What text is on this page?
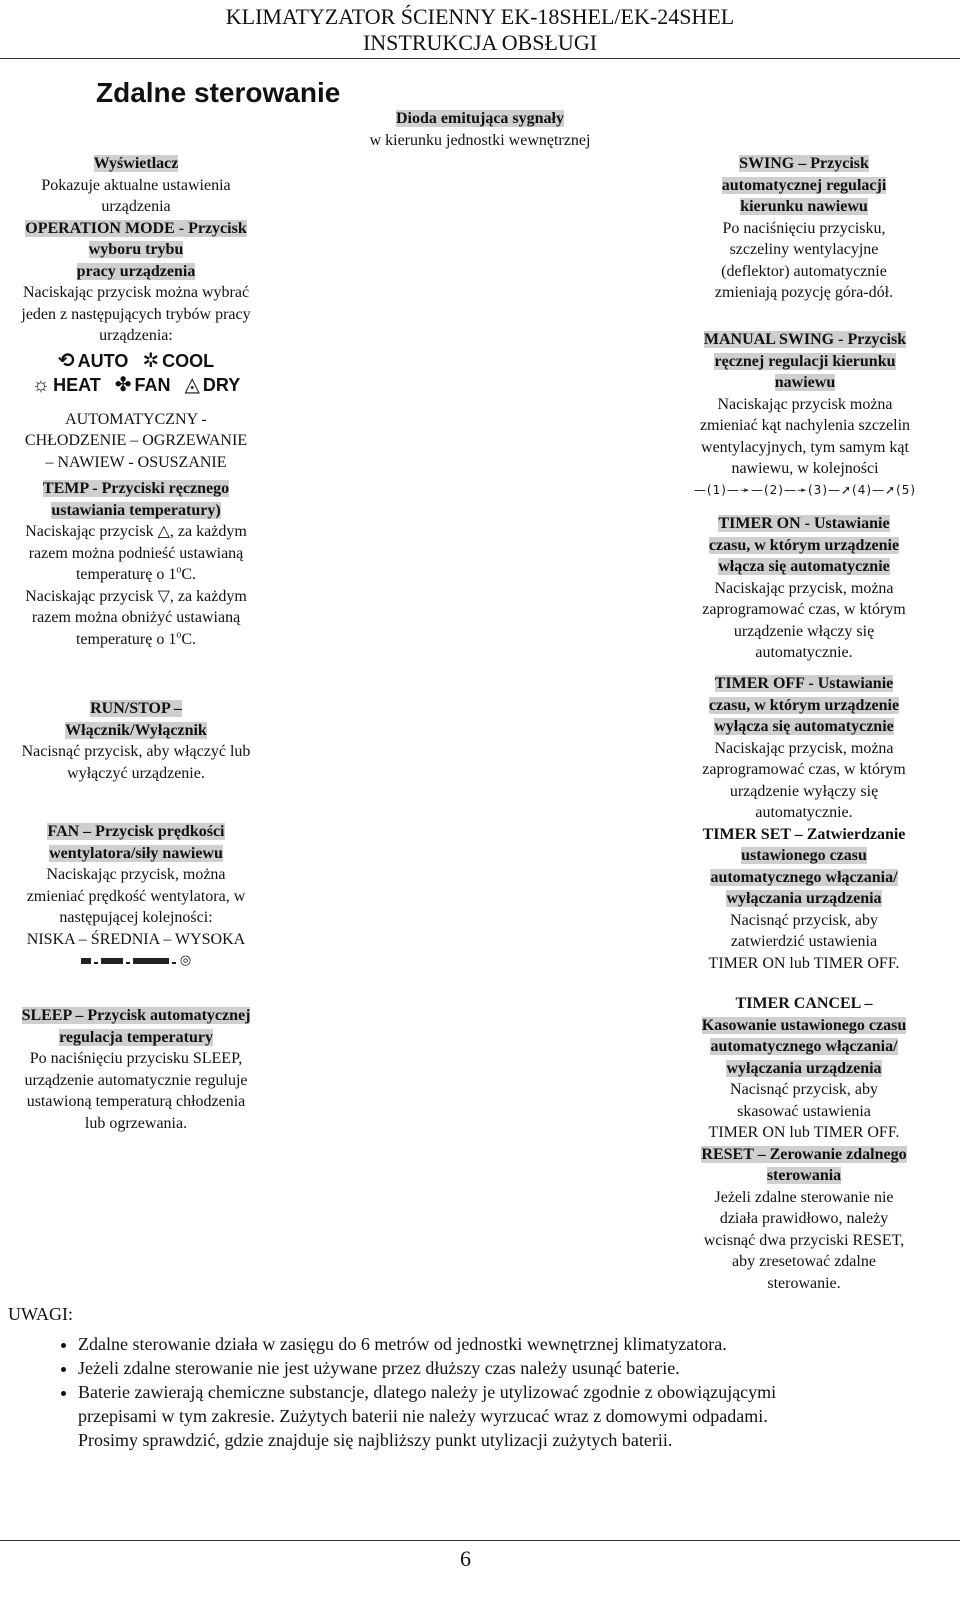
KLIMATYZATOR ŚCIENNY EK-18SHEL/EK-24SHEL
INSTRUKCJA OBSŁUGI
Zdalne sterowanie
Dioda emitująca sygnały
w kierunku jednostki wewnętrznej
Wyświetlacz
Pokazuje aktualne ustawienia
urządzenia
OPERATION MODE - Przycisk
wyboru trybu
pracy urządzenia
Naciskając przycisk można wybrać
jeden z następujących trybów pracy
urządzenia:
⟲ AUTO ✲ COOL
☼ HEAT ✤ FAN ◬ DRY
AUTOMATYCZNY -
CHŁODZENIE – OGRZEWANIE
– NAWIEW - OSUSZANIE
TEMP - Przyciski ręcznego
ustawiania temperatury)
Naciskając przycisk △, za każdym
razem można podnieść ustawianą
temperaturę o 1$^o$C.
Naciskając przycisk ▽, za każdym
razem można obniżyć ustawianą
temperaturę o 1$^o$C.
RUN/STOP –
Włącznik/Wyłącznik
Nacisnąć przycisk, aby włączyć lub
wyłączyć urządzenie.
FAN – Przycisk prędkości
wentylatora/siły nawiewu
Naciskając przycisk, można
zmieniać prędkość wentylatora, w
następującej kolejności:
NISKA – ŚREDNIA – WYSOKA
◎
SLEEP – Przycisk automatycznej
regulacja temperatury
Po naciśnięciu przycisku SLEEP,
urządzenie automatycznie reguluje
ustawioną temperaturą chłodzenia
lub ogrzewania.
SWING – Przycisk
automatycznej regulacji
kierunku nawiewu
Po naciśnięciu przycisku,
szczeliny wentylacyjne
(deflektor) automatycznie
zmieniają pozycję góra-dół.
MANUAL SWING - Przycisk
ręcznej regulacji kierunku
nawiewu
Naciskając przycisk można
zmieniać kąt nachylenia szczelin
wentylacyjnych, tym samym kąt
nawiewu, w kolejności
—(1)—➛—(2)—➛(3)—➚(4)—➚(5)
TIMER ON - Ustawianie
czasu, w którym urządzenie
włącza się automatycznie
Naciskając przycisk, można
zaprogramować czas, w którym
urządzenie włączy się
automatycznie.
TIMER OFF - Ustawianie
czasu, w którym urządzenie
wyłącza się automatycznie
Naciskając przycisk, można
zaprogramować czas, w którym
urządzenie wyłączy się
automatycznie.
TIMER SET – Zatwierdzanie
ustawionego czasu
automatycznego włączania/
wyłączania urządzenia
Nacisnąć przycisk, aby
zatwierdzić ustawienia
TIMER ON lub TIMER OFF.
TIMER CANCEL –
Kasowanie ustawionego czasu
automatycznego włączania/
wyłączania urządzenia
Nacisnąć przycisk, aby
skasować ustawienia
TIMER ON lub TIMER OFF.
RESET – Zerowanie zdalnego
sterowania
Jeżeli zdalne sterowanie nie
działa prawidłowo, należy
wcisnąć dwa przyciski RESET,
aby zresetować zdalne
sterowanie.
UWAGI:
• Zdalne sterowanie działa w zasięgu do 6 metrów od jednostki wewnętrznej klimatyzatora.
• Jeżeli zdalne sterowanie nie jest używane przez dłuższy czas należy usunąć baterie.
• Baterie zawierają chemiczne substancje, dlatego należy je utylizować zgodnie z obowiązującymi
przepisami w tym zakresie. Zużytych baterii nie należy wyrzucać wraz z domowymi odpadami.
Prosimy sprawdzić, gdzie znajduje się najbliższy punkt utylizacji zużytych baterii.
6
